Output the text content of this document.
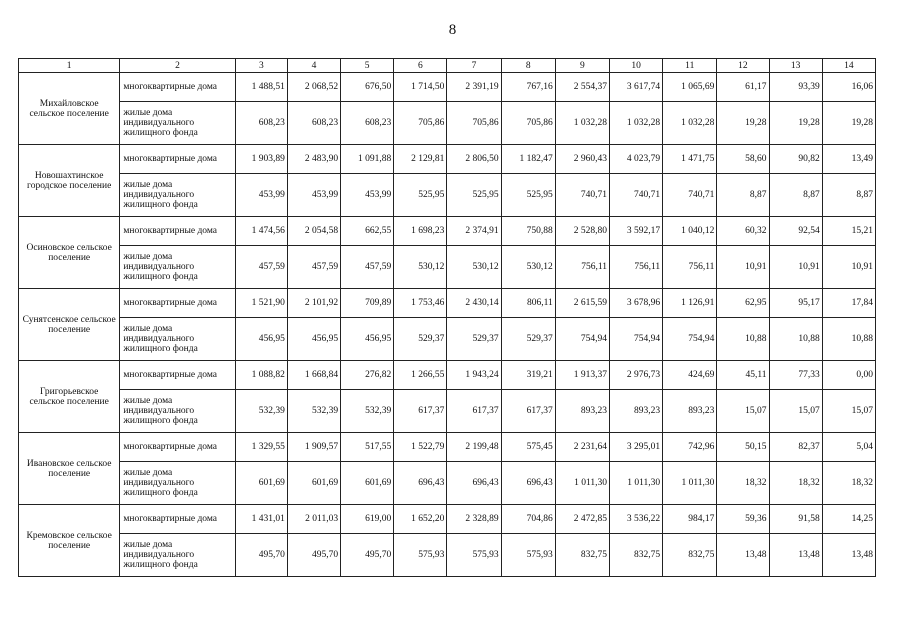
8
1	2	3	4	5	6	7	8	9	10	11	12	13	14
Михайловское сельское поселение	многоквартирные дома	1 488,51	2 068,52	676,50	1 714,50	2 391,19	767,16	2 554,37	3 617,74	1 065,69	61,17	93,39	16,06
	жилые дома индивидуального жилищного фонда	608,23	608,23	608,23	705,86	705,86	705,86	1 032,28	1 032,28	1 032,28	19,28	19,28	19,28
Новошахтинское городское поселение	многоквартирные дома	1 903,89	2 483,90	1 091,88	2 129,81	2 806,50	1 182,47	2 960,43	4 023,79	1 471,75	58,60	90,82	13,49
	жилые дома индивидуального жилищного фонда	453,99	453,99	453,99	525,95	525,95	525,95	740,71	740,71	740,71	8,87	8,87	8,87
Осиновское сельское поселение	многоквартирные дома	1 474,56	2 054,58	662,55	1 698,23	2 374,91	750,88	2 528,80	3 592,17	1 040,12	60,32	92,54	15,21
	жилые дома индивидуального жилищного фонда	457,59	457,59	457,59	530,12	530,12	530,12	756,11	756,11	756,11	10,91	10,91	10,91
Сунятсенское сельское поселение	многоквартирные дома	1 521,90	2 101,92	709,89	1 753,46	2 430,14	806,11	2 615,59	3 678,96	1 126,91	62,95	95,17	17,84
	жилые дома индивидуального жилищного фонда	456,95	456,95	456,95	529,37	529,37	529,37	754,94	754,94	754,94	10,88	10,88	10,88
Григорьевское сельское поселение	многоквартирные дома	1 088,82	1 668,84	276,82	1 266,55	1 943,24	319,21	1 913,37	2 976,73	424,69	45,11	77,33	0,00
	жилые дома индивидуального жилищного фонда	532,39	532,39	532,39	617,37	617,37	617,37	893,23	893,23	893,23	15,07	15,07	15,07
Ивановское сельское поселение	многоквартирные дома	1 329,55	1 909,57	517,55	1 522,79	2 199,48	575,45	2 231,64	3 295,01	742,96	50,15	82,37	5,04
	жилые дома индивидуального жилищного фонда	601,69	601,69	601,69	696,43	696,43	696,43	1 011,30	1 011,30	1 011,30	18,32	18,32	18,32
Кремовское сельское поселение	многоквартирные дома	1 431,01	2 011,03	619,00	1 652,20	2 328,89	704,86	2 472,85	3 536,22	984,17	59,36	91,58	14,25
	жилые дома индивидуального жилищного фонда	495,70	495,70	495,70	575,93	575,93	575,93	832,75	832,75	832,75	13,48	13,48	13,48
